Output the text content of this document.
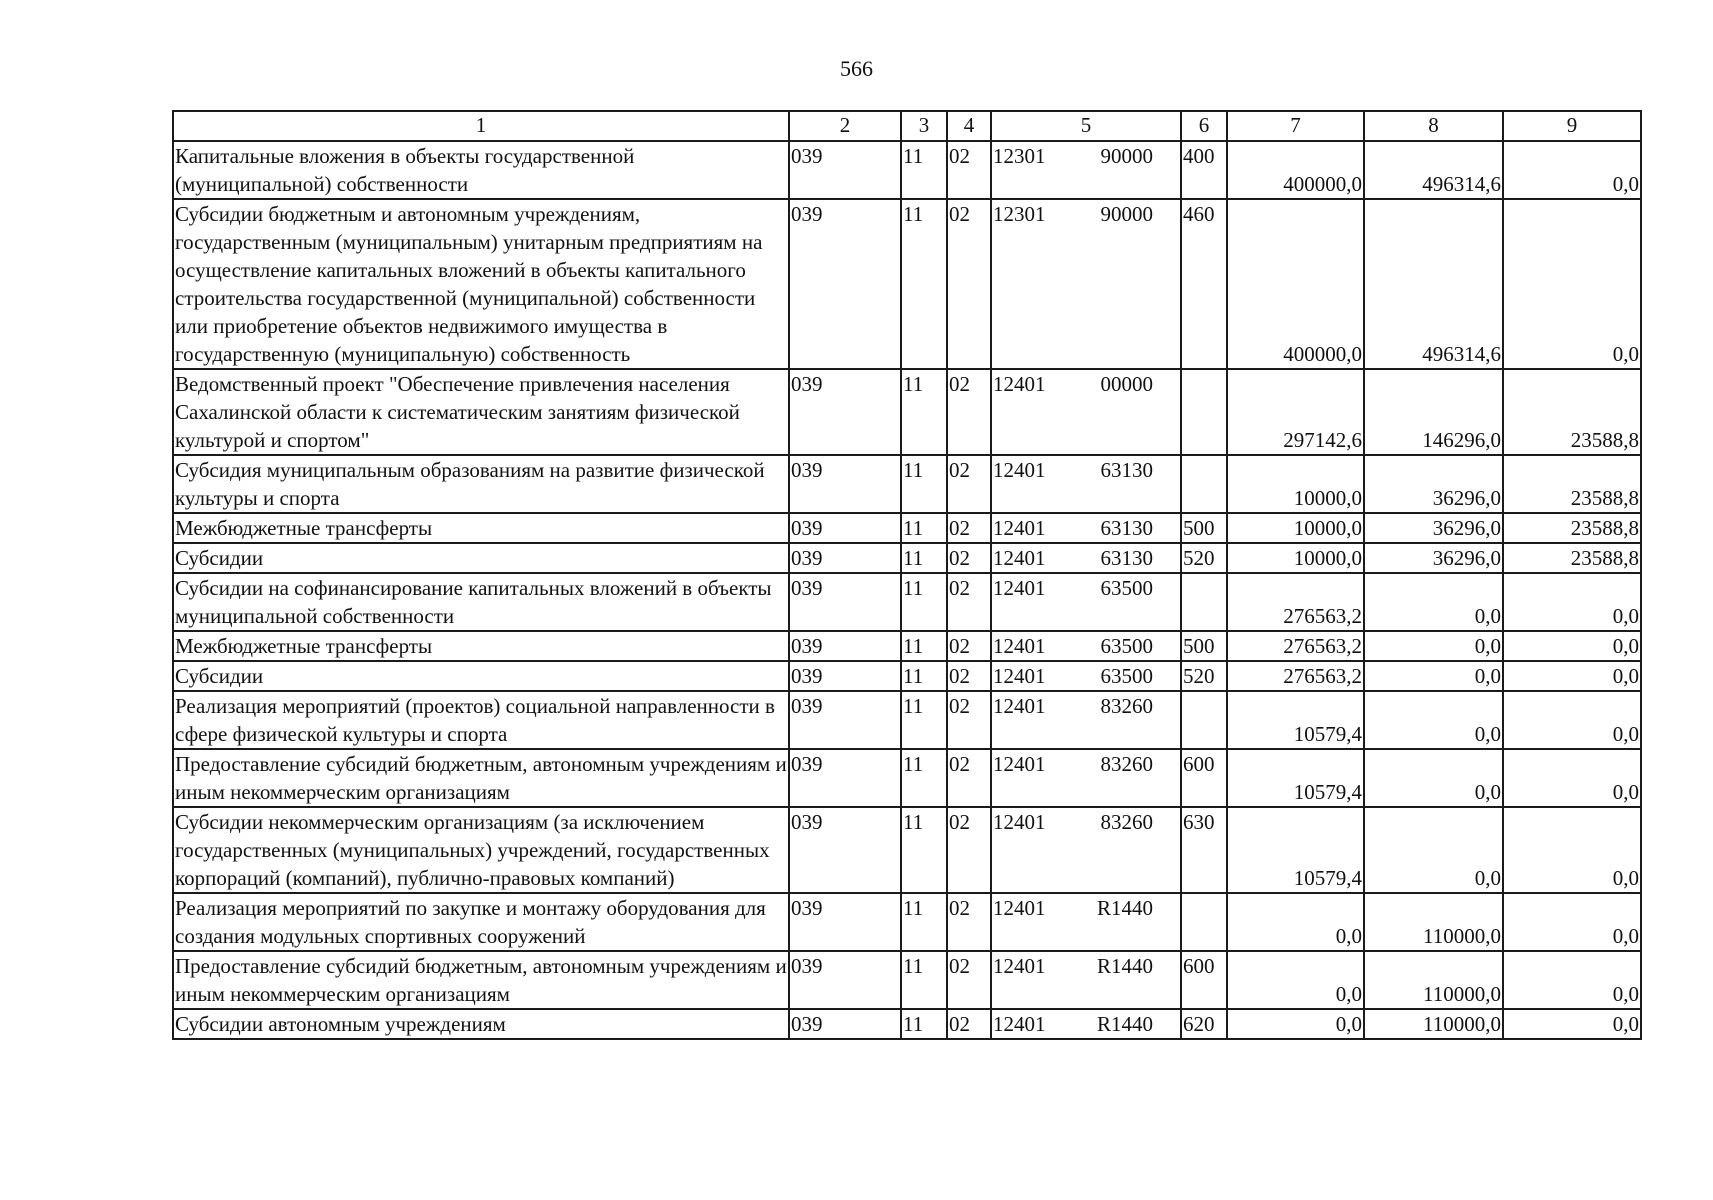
566
1	2	3	4	5	6	7	8	9
Капитальные вложения в объекты государственной (муниципальной) собственности	039	11	02	12301 90000	400	400000,0	496314,6	0,0
Субсидии бюджетным и автономным учреждениям, государственным (муниципальным) унитарным предприятиям на осуществление капитальных вложений в объекты капитального строительства государственной (муниципальной) собственности или приобретение объектов недвижимого имущества в государственную (муниципальную) собственность	039	11	02	12301 90000	460	400000,0	496314,6	0,0
Ведомственный проект "Обеспечение привлечения населения Сахалинской области к систематическим занятиям физической культурой и спортом"	039	11	02	12401 00000		297142,6	146296,0	23588,8
Субсидия муниципальным образованиям на развитие физической культуры и спорта	039	11	02	12401 63130		10000,0	36296,0	23588,8
Межбюджетные трансферты	039	11	02	12401 63130	500	10000,0	36296,0	23588,8
Субсидии	039	11	02	12401 63130	520	10000,0	36296,0	23588,8
Субсидии на софинансирование капитальных вложений в объекты муниципальной собственности	039	11	02	12401 63500		276563,2	0,0	0,0
Межбюджетные трансферты	039	11	02	12401 63500	500	276563,2	0,0	0,0
Субсидии	039	11	02	12401 63500	520	276563,2	0,0	0,0
Реализация мероприятий (проектов) социальной направленности в сфере физической культуры и спорта	039	11	02	12401 83260		10579,4	0,0	0,0
Предоставление субсидий бюджетным, автономным учреждениям и иным некоммерческим организациям	039	11	02	12401 83260	600	10579,4	0,0	0,0
Субсидии некоммерческим организациям (за исключением государственных (муниципальных) учреждений, государственных корпораций (компаний), публично-правовых компаний)	039	11	02	12401 83260	630	10579,4	0,0	0,0
Реализация мероприятий по закупке и монтажу оборудования для создания модульных спортивных сооружений	039	11	02	12401 R1440		0,0	110000,0	0,0
Предоставление субсидий бюджетным, автономным учреждениям и иным некоммерческим организациям	039	11	02	12401 R1440	600	0,0	110000,0	0,0
Субсидии автономным учреждениям	039	11	02	12401 R1440	620	0,0	110000,0	0,0
